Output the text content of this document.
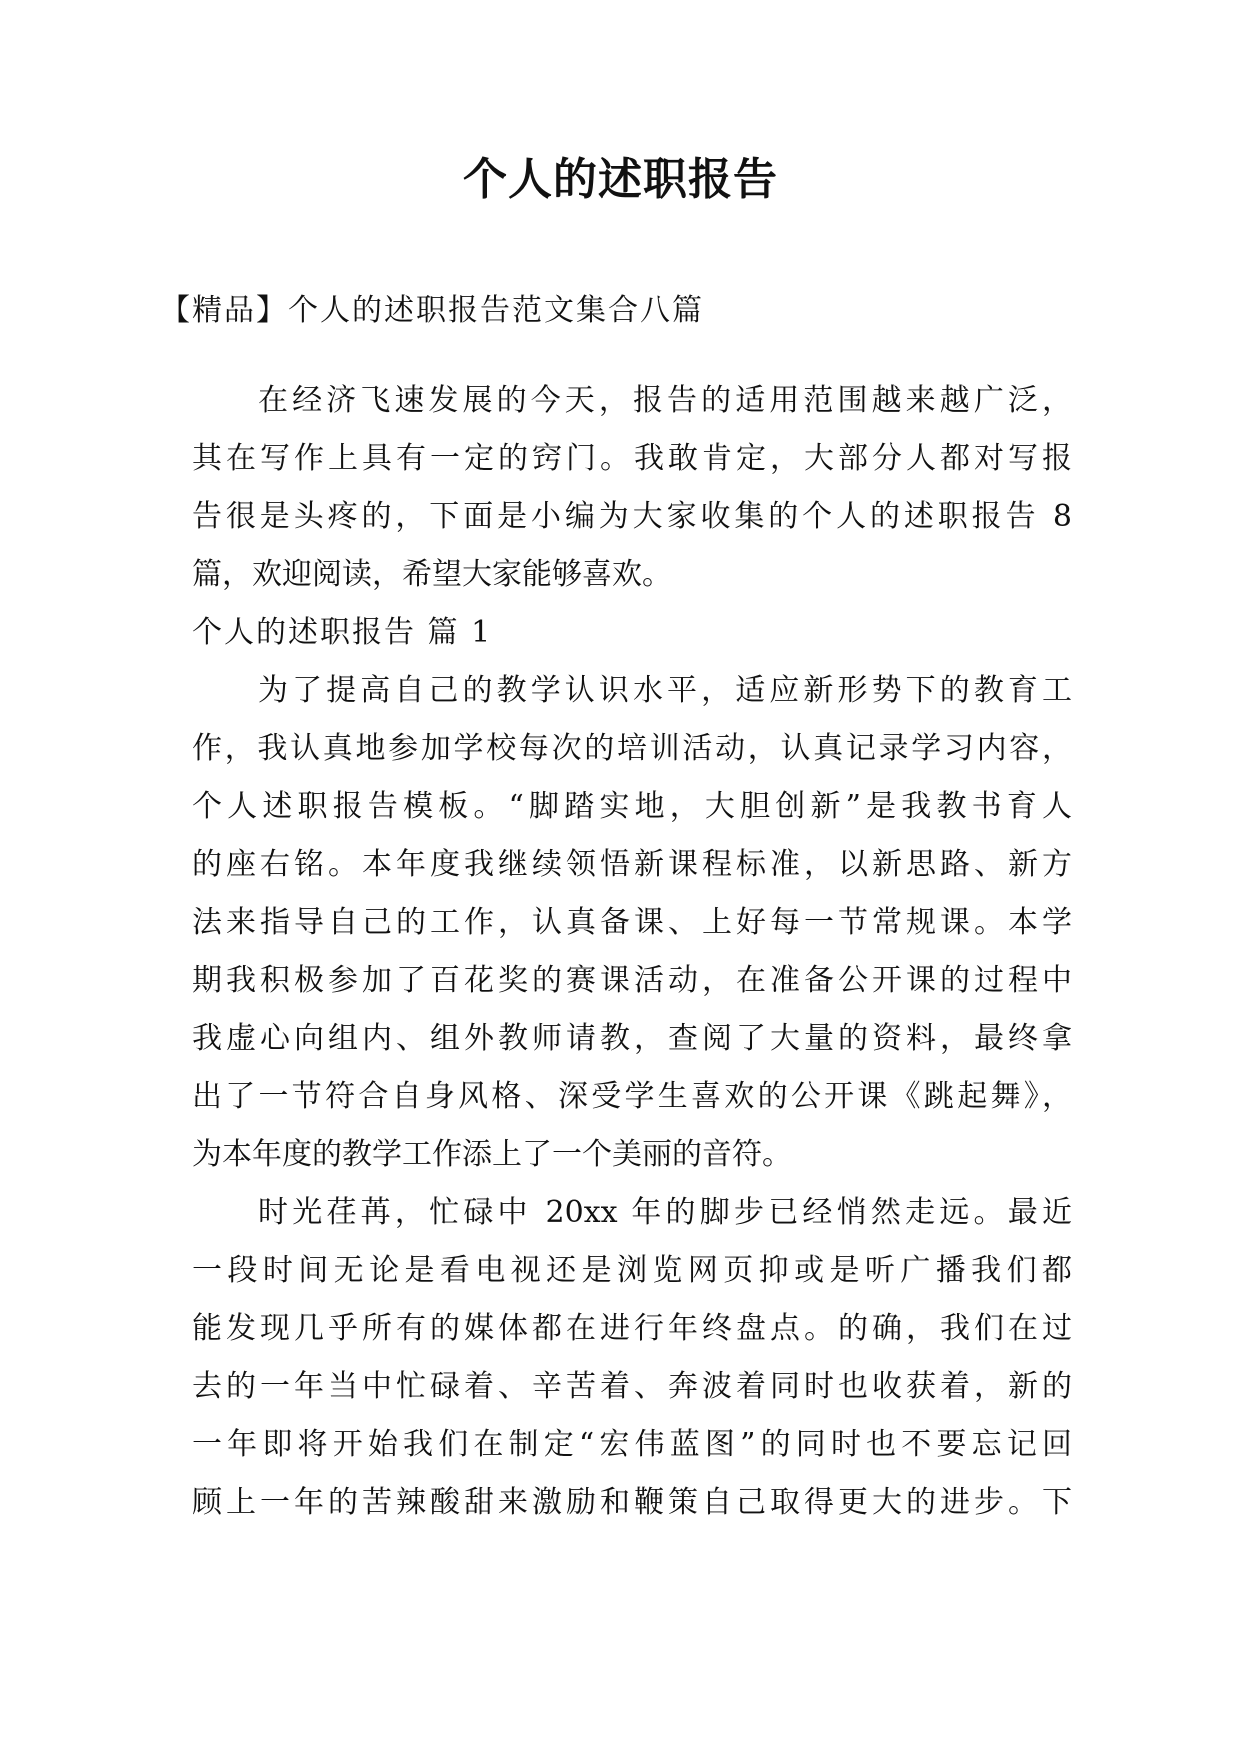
个人的述职报告

【精品】个人的述职报告范文集合八篇

在经济飞速发展的今天，报告的适用范围越来越广泛，

其在写作上具有一定的窍门。我敢肯定，大部分人都对写报

告很是头疼的，下面是小编为大家收集的个人的述职报告 8

篇，欢迎阅读，希望大家能够喜欢。

个人的述职报告 篇 1

为了提高自己的教学认识水平，适应新形势下的教育工

作，我认真地参加学校每次的培训活动，认真记录学习内容，

个人述职报告模板。“脚踏实地，大胆创新”是我教书育人

的座右铭。本年度我继续领悟新课程标准，以新思路、新方

法来指导自己的工作，认真备课、上好每一节常规课。本学

期我积极参加了百花奖的赛课活动，在准备公开课的过程中

我虚心向组内、组外教师请教，查阅了大量的资料，最终拿

出了一节符合自身风格、深受学生喜欢的公开课《跳起舞》，

为本年度的教学工作添上了一个美丽的音符。

时光荏苒，忙碌中 20xx 年的脚步已经悄然走远。最近

一段时间无论是看电视还是浏览网页抑或是听广播我们都

能发现几乎所有的媒体都在进行年终盘点。的确，我们在过

去的一年当中忙碌着、辛苦着、奔波着同时也收获着，新的

一年即将开始我们在制定“宏伟蓝图”的同时也不要忘记回

顾上一年的苦辣酸甜来激励和鞭策自己取得更大的进步。下
